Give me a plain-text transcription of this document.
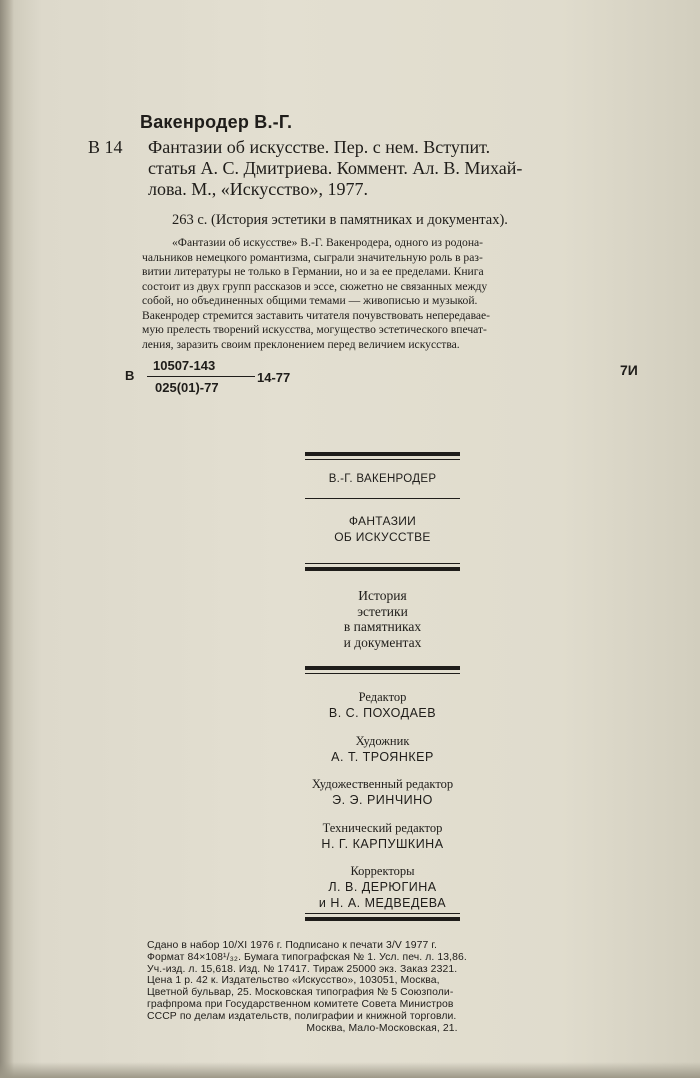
Вакенродер В.-Г.
В 14 Фантазии об искусстве. Пер. с нем. Вступит.
статья А. С. Дмитриева. Коммент. Ал. В. Михай-
лова. М., «Искусство», 1977.
263 с. (История эстетики в памятниках и документах).
«Фантазии об искусстве» В.-Г. Вакенродера, одного из родона-
чальников немецкого романтизма, сыграли значительную роль в раз-
витии литературы не только в Германии, но и за ее пределами. Книга
состоит из двух групп рассказов и эссе, сюжетно не связанных между
собой, но объединенных общими темами — живописью и музыкой.
Вакенродер стремится заставить читателя почувствовать непередавае-
мую прелесть творений искусства, могущество эстетического впечат-
ления, заразить своим преклонением перед величием искусства.
В
10507-143
025(01)-77
14-77	7И
В.-Г. ВАКЕНРОДЕР
ФАНТАЗИИ
ОБ ИСКУССТВЕ
История
эстетики
в памятниках
и документах
Редактор
В. С. ПОХОДАЕВ
Художник
А. Т. ТРОЯНКЕР
Художественный редактор
Э. Э. РИНЧИНО
Технический редактор
Н. Г. КАРПУШКИНА
Корректоры
Л. В. ДЕРЮГИНА
и Н. А. МЕДВЕДЕВА
Сдано в набор 10/XI 1976 г. Подписано к печати 3/V 1977 г.
Формат 84×108¹/₃₂. Бумага типографская № 1. Усл. печ. л. 13,86.
Уч.-изд. л. 15,618. Изд. № 17417. Тираж 25000 экз. Заказ 2321.
Цена 1 р. 42 к. Издательство «Искусство», 103051, Москва,
Цветной бульвар, 25. Московская типография № 5 Союзполи-
графпрома при Государственном комитете Совета Министров
СССР по делам издательств, полиграфии и книжной торговли.
Москва, Мало-Московская, 21.
